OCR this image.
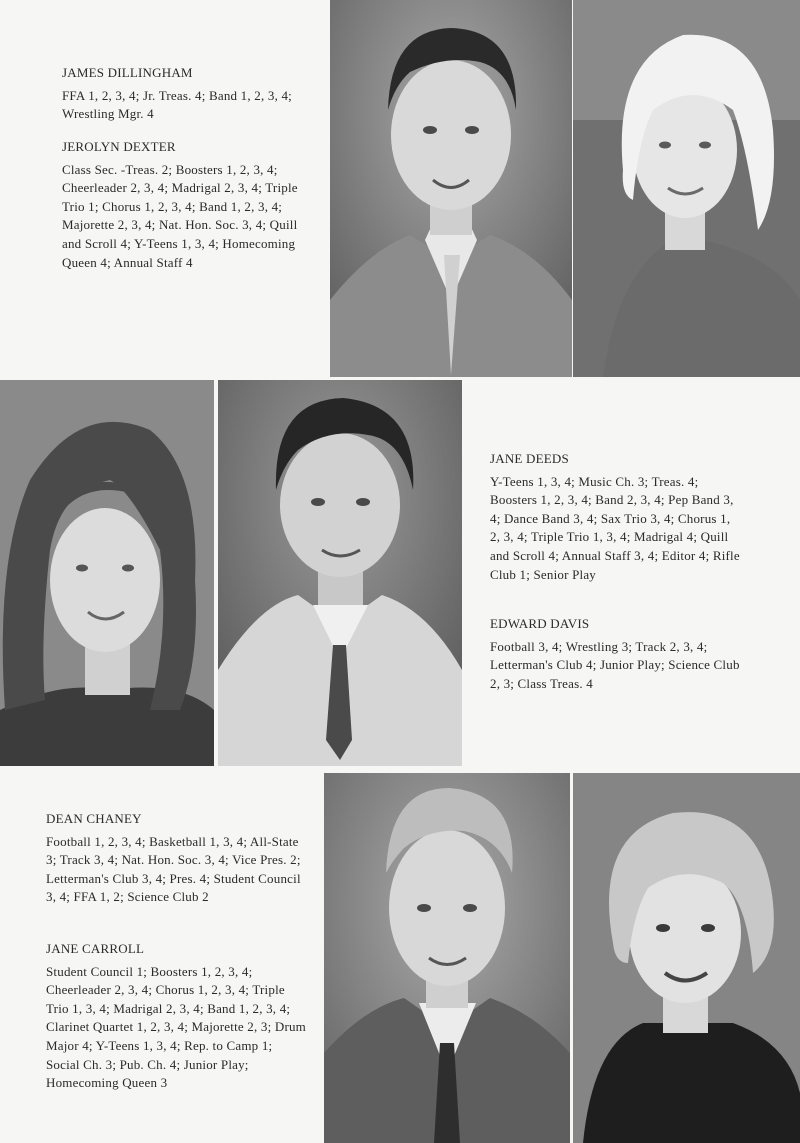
JAMES DILLINGHAM
FFA 1, 2, 3, 4; Jr. Treas. 4; Band 1, 2, 3, 4; Wrestling Mgr. 4
JEROLYN DEXTER
Class Sec. -Treas. 2; Boosters 1, 2, 3, 4; Cheerleader 2, 3, 4; Madrigal 2, 3, 4; Triple Trio 1; Chorus 1, 2, 3, 4; Band 1, 2, 3, 4; Majorette 2, 3, 4; Nat. Hon. Soc. 3, 4; Quill and Scroll 4; Y-Teens 1, 3, 4; Homecoming Queen 4; Annual Staff 4
JANE DEEDS
Y-Teens 1, 3, 4; Music Ch. 3; Treas. 4; Boosters 1, 2, 3, 4; Band 2, 3, 4; Pep Band 3, 4; Dance Band 3, 4; Sax Trio 3, 4; Chorus 1, 2, 3, 4; Triple Trio 1, 3, 4; Madrigal 4; Quill and Scroll 4; Annual Staff 3, 4; Editor 4; Rifle Club 1; Senior Play
EDWARD DAVIS
Football 3, 4; Wrestling 3; Track 2, 3, 4; Letterman's Club 4; Junior Play; Science Club 2, 3; Class Treas. 4
DEAN CHANEY
Football 1, 2, 3, 4; Basketball 1, 3, 4; All-State 3; Track 3, 4; Nat. Hon. Soc. 3, 4; Vice Pres. 2; Letterman's Club 3, 4; Pres. 4; Student Council 3, 4; FFA 1, 2; Science Club 2
JANE CARROLL
Student Council 1; Boosters 1, 2, 3, 4; Cheerleader 2, 3, 4; Chorus 1, 2, 3, 4; Triple Trio 1, 3, 4; Madrigal 2, 3, 4; Band 1, 2, 3, 4; Clarinet Quartet 1, 2, 3, 4; Majorette 2, 3; Drum Major 4; Y-Teens 1, 3, 4; Rep. to Camp 1; Social Ch. 3; Pub. Ch. 4; Junior Play; Homecoming Queen 3
